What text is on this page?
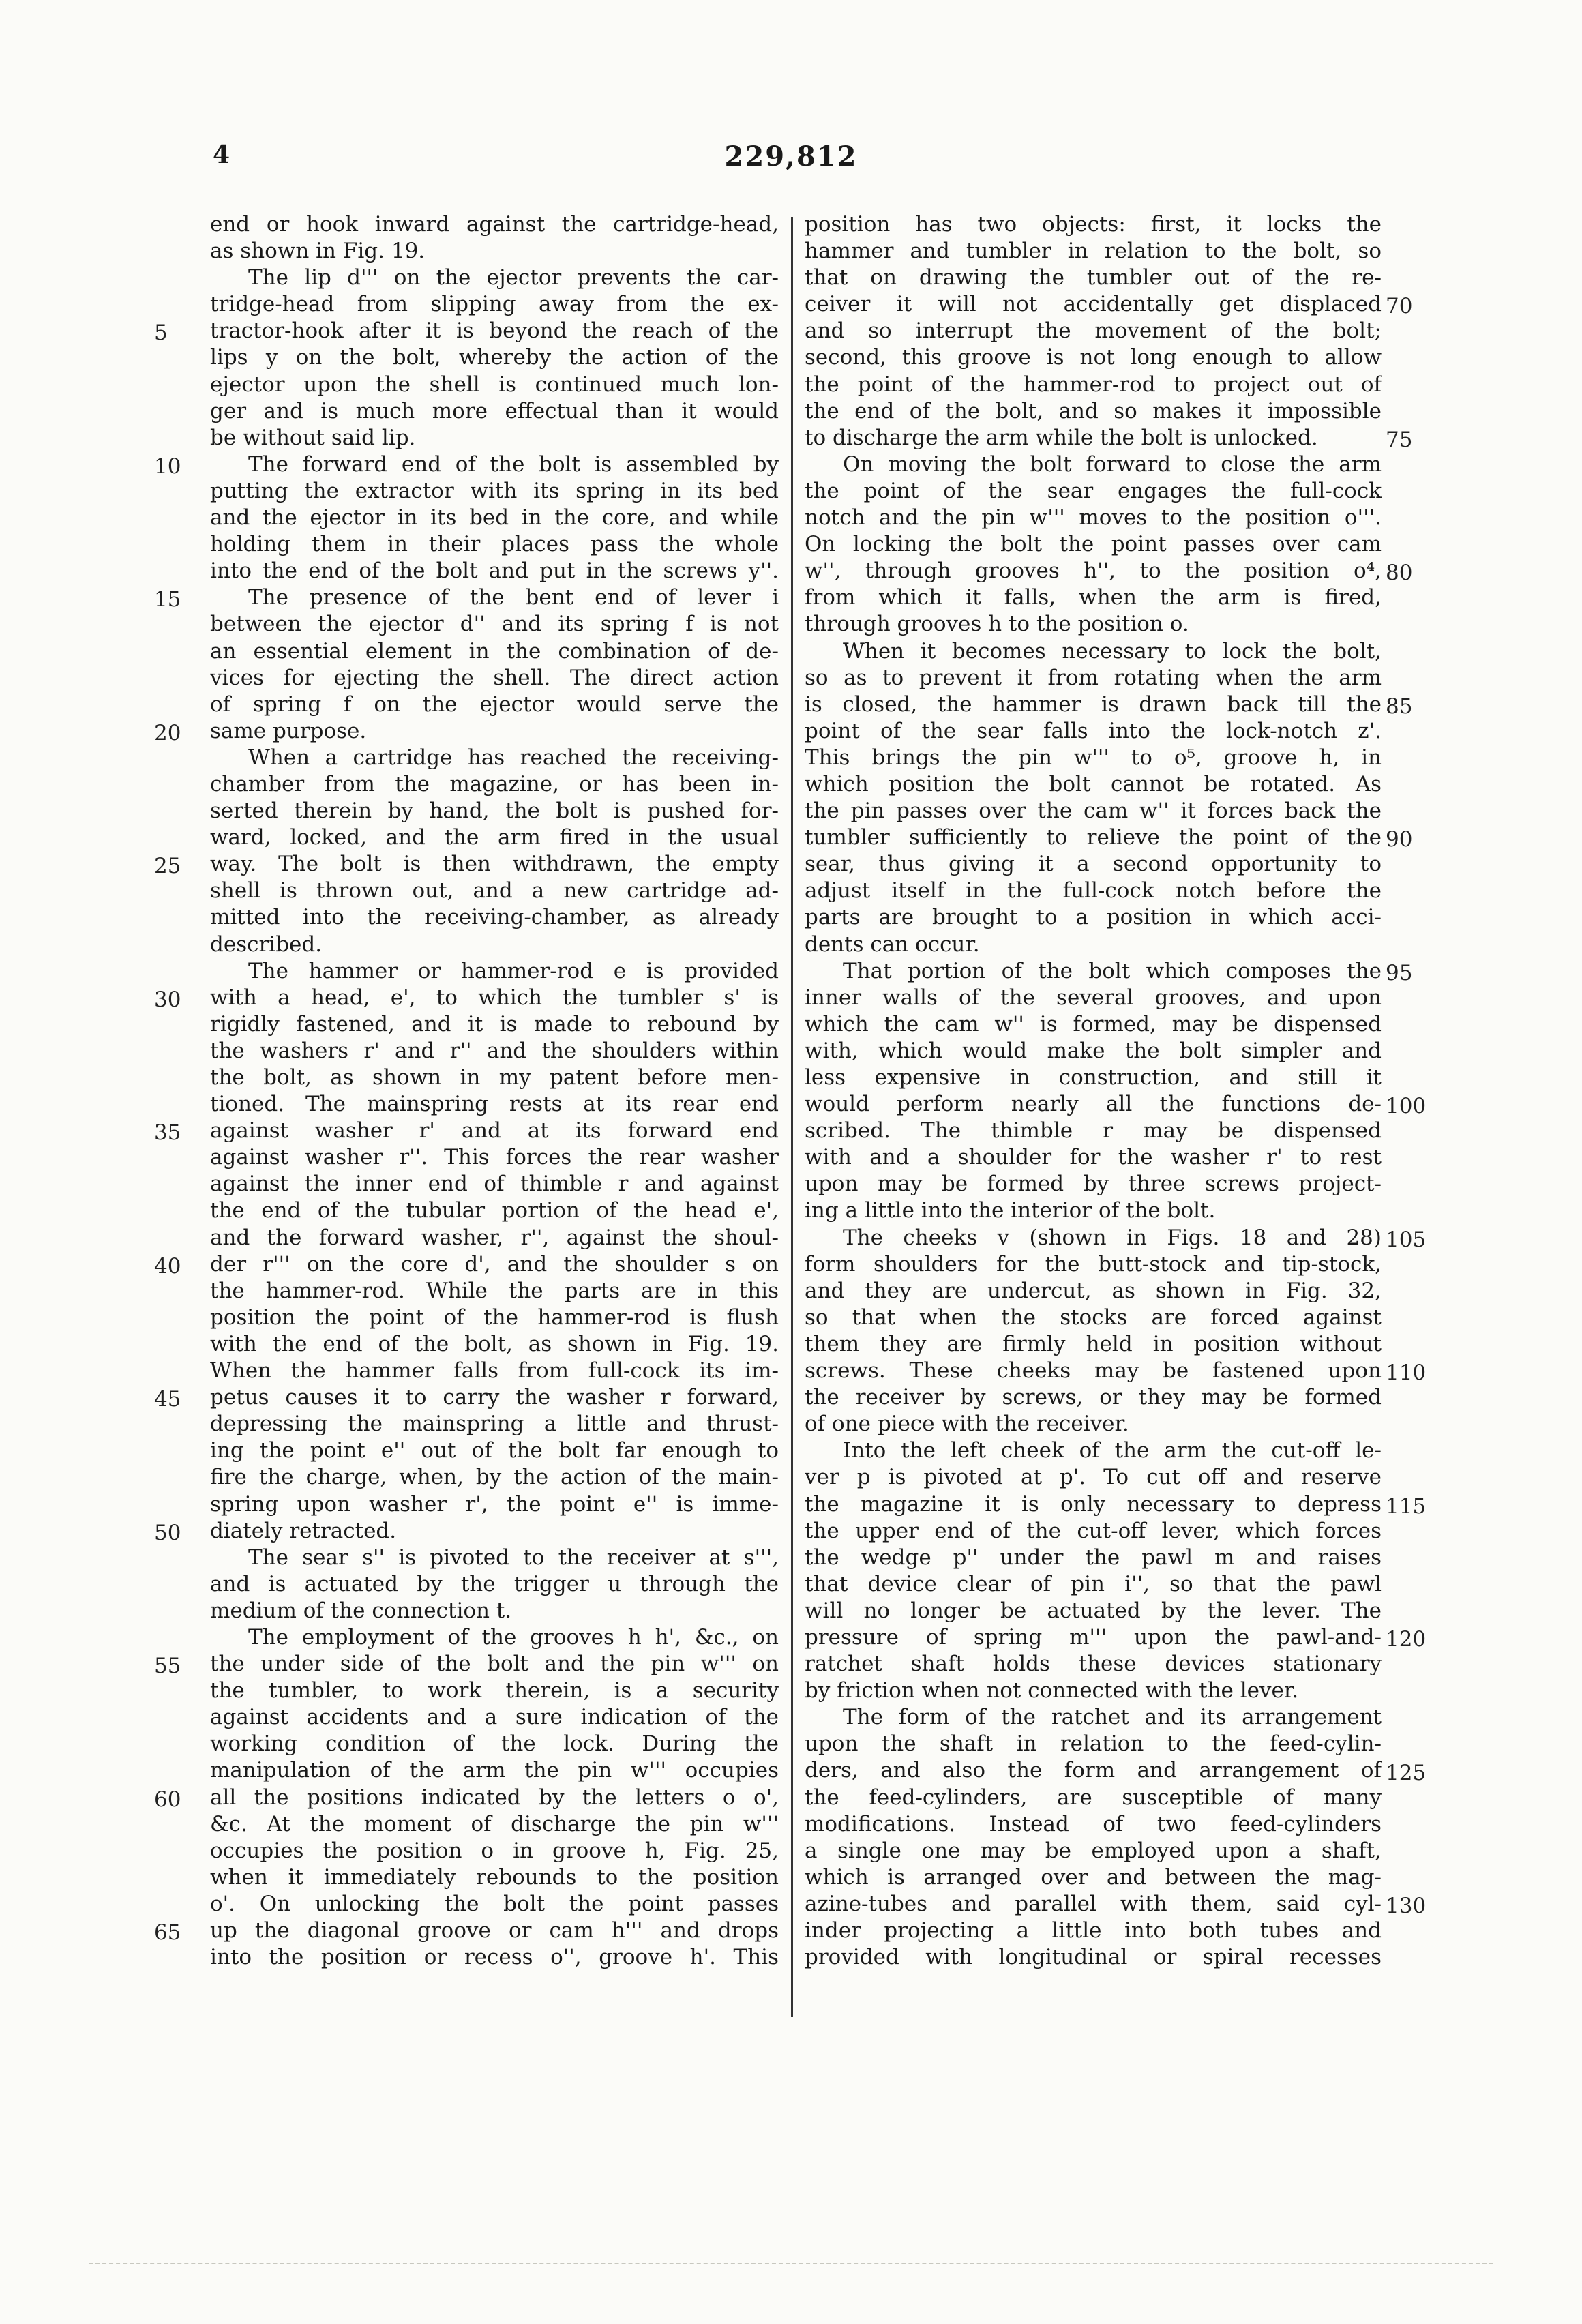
4	229,812
end or hook inward against the cartridge-head,
as shown in Fig. 19.
The lip d''' on the ejector prevents the car-
tridge-head from slipping away from the ex-
tractor-hook after it is beyond the reach of the
lips y on the bolt, whereby the action of the
ejector upon the shell is continued much lon-
ger and is much more effectual than it would
be without said lip.
The forward end of the bolt is assembled by
putting the extractor with its spring in its bed
and the ejector in its bed in the core, and while
holding them in their places pass the whole
into the end of the bolt and put in the screws y''.
The presence of the bent end of lever i
between the ejector d'' and its spring f is not
an essential element in the combination of de-
vices for ejecting the shell. The direct action
of spring f on the ejector would serve the
same purpose.
When a cartridge has reached the receiving-
chamber from the magazine, or has been in-
serted therein by hand, the bolt is pushed for-
ward, locked, and the arm fired in the usual
way. The bolt is then withdrawn, the empty
shell is thrown out, and a new cartridge ad-
mitted into the receiving-chamber, as already
described.
The hammer or hammer-rod e is provided
with a head, e', to which the tumbler s' is
rigidly fastened, and it is made to rebound by
the washers r' and r'' and the shoulders within
the bolt, as shown in my patent before men-
tioned. The mainspring rests at its rear end
against washer r' and at its forward end
against washer r''. This forces the rear washer
against the inner end of thimble r and against
the end of the tubular portion of the head e',
and the forward washer, r'', against the shoul-
der r''' on the core d', and the shoulder s on
the hammer-rod. While the parts are in this
position the point of the hammer-rod is flush
with the end of the bolt, as shown in Fig. 19.
When the hammer falls from full-cock its im-
petus causes it to carry the washer r forward,
depressing the mainspring a little and thrust-
ing the point e'' out of the bolt far enough to
fire the charge, when, by the action of the main-
spring upon washer r', the point e'' is imme-
diately retracted.
The sear s'' is pivoted to the receiver at s''',
and is actuated by the trigger u through the
medium of the connection t.
The employment of the grooves h h', &c., on
the under side of the bolt and the pin w''' on
the tumbler, to work therein, is a security
against accidents and a sure indication of the
working condition of the lock. During the
manipulation of the arm the pin w''' occupies
all the positions indicated by the letters o o',
&c. At the moment of discharge the pin w'''
occupies the position o in groove h, Fig. 25,
when it immediately rebounds to the position
o'. On unlocking the bolt the point passes
up the diagonal groove or cam h''' and drops
into the position or recess o'', groove h'. This
position has two objects: first, it locks the
hammer and tumbler in relation to the bolt, so
that on drawing the tumbler out of the re-
ceiver it will not accidentally get displaced
and so interrupt the movement of the bolt;
second, this groove is not long enough to allow
the point of the hammer-rod to project out of
the end of the bolt, and so makes it impossible
to discharge the arm while the bolt is unlocked.
On moving the bolt forward to close the arm
the point of the sear engages the full-cock
notch and the pin w''' moves to the position o'''.
On locking the bolt the point passes over cam
w'', through grooves h'', to the position o⁴,
from which it falls, when the arm is fired,
through grooves h to the position o.
When it becomes necessary to lock the bolt,
so as to prevent it from rotating when the arm
is closed, the hammer is drawn back till the
point of the sear falls into the lock-notch z'.
This brings the pin w''' to o⁵, groove h, in
which position the bolt cannot be rotated. As
the pin passes over the cam w'' it forces back the
tumbler sufficiently to relieve the point of the
sear, thus giving it a second opportunity to
adjust itself in the full-cock notch before the
parts are brought to a position in which acci-
dents can occur.
That portion of the bolt which composes the
inner walls of the several grooves, and upon
which the cam w'' is formed, may be dispensed
with, which would make the bolt simpler and
less expensive in construction, and still it
would perform nearly all the functions de-
scribed. The thimble r may be dispensed
with and a shoulder for the washer r' to rest
upon may be formed by three screws project-
ing a little into the interior of the bolt.
The cheeks v (shown in Figs. 18 and 28)
form shoulders for the butt-stock and tip-stock,
and they are undercut, as shown in Fig. 32,
so that when the stocks are forced against
them they are firmly held in position without
screws. These cheeks may be fastened upon
the receiver by screws, or they may be formed
of one piece with the receiver.
Into the left cheek of the arm the cut-off le-
ver p is pivoted at p'. To cut off and reserve
the magazine it is only necessary to depress
the upper end of the cut-off lever, which forces
the wedge p'' under the pawl m and raises
that device clear of pin i'', so that the pawl
will no longer be actuated by the lever. The
pressure of spring m''' upon the pawl-and-
ratchet shaft holds these devices stationary
by friction when not connected with the lever.
The form of the ratchet and its arrangement
upon the shaft in relation to the feed-cylin-
ders, and also the form and arrangement of
the feed-cylinders, are susceptible of many
modifications. Instead of two feed-cylinders
a single one may be employed upon a shaft,
which is arranged over and between the mag-
azine-tubes and parallel with them, said cyl-
inder projecting a little into both tubes and
provided with longitudinal or spiral recesses
5
10
15
20
25
30
35
40
45
50
55
60
65
70
75
80
85
90
95
100
105
110
115
120
125
130
